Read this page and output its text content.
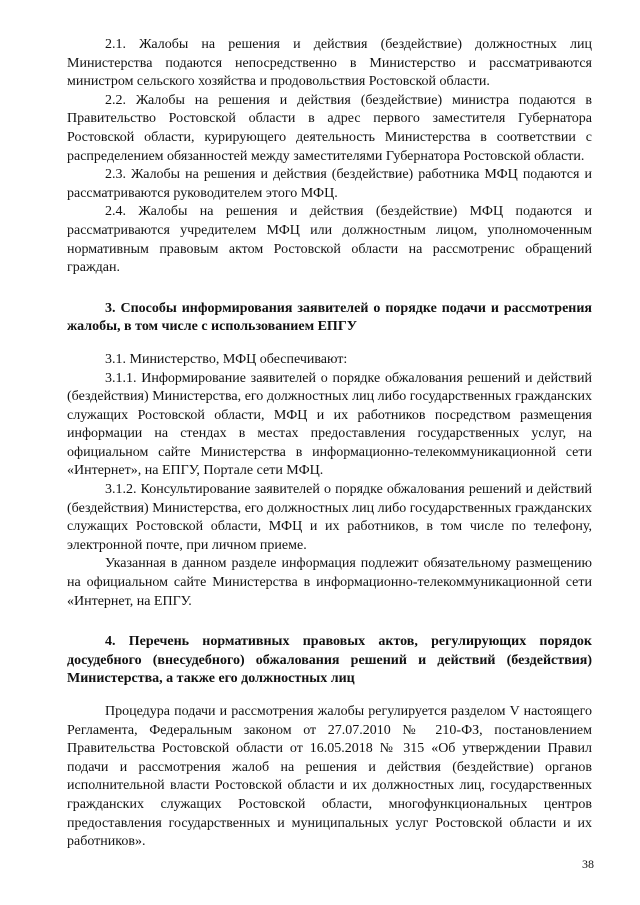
2.1. Жалобы на решения и действия (бездействие) должностных лиц Министерства подаются непосредственно в Министерство и рассматриваются министром сельского хозяйства и продовольствия Ростовской области.

2.2. Жалобы на решения и действия (бездействие) министра подаются в Правительство Ростовской области в адрес первого заместителя Губернатора Ростовской области, курирующего деятельность Министерства в соответствии с распределением обязанностей между заместителями Губернатора Ростовской области.

2.3. Жалобы на решения и действия (бездействие) работника МФЦ подаются и рассматриваются руководителем этого МФЦ.

2.4. Жалобы на решения и действия (бездействие) МФЦ подаются и рассматриваются учредителем МФЦ или должностным лицом, уполномоченным нормативным правовым актом Ростовской области на рассмотренис обращений граждан.

3. Способы информирования заявителей о порядке подачи и рассмотрения жалобы, в том числе с использованием ЕПГУ

3.1. Министерство, МФЦ обеспечивают:

3.1.1. Информирование заявителей о порядке обжалования решений и действий (бездействия) Министерства, его должностных лиц либо государственных гражданских служащих Ростовской области, МФЦ и их работников посредством размещения информации на стендах в местах предоставления государственных услуг, на официальном сайте Министерства в информационно-телекоммуникационной сети «Интернет», на ЕПГУ, Портале сети МФЦ.

3.1.2. Консультирование заявителей о порядке обжалования решений и действий (бездействия) Министерства, его должностных лиц либо государственных гражданских служащих Ростовской области, МФЦ и их работников, в том числе по телефону, электронной почте, при личном приеме.

Указанная в данном разделе информация подлежит обязательному размещению на официальном сайте Министерства в информационно-телекоммуникационной сети «Интернет, на ЕПГУ.

4. Перечень нормативных правовых актов, регулирующих порядок досудебного (внесудебного) обжалования решений и действий (бездействия) Министерства, а также его должностных лиц

Процедура подачи и рассмотрения жалобы регулируется разделом V настоящего Регламента, Федеральным законом от 27.07.2010 № 210-ФЗ, постановлением Правительства Ростовской области от 16.05.2018 № 315 «Об утверждении Правил подачи и рассмотрения жалоб на решения и действия (бездействие) органов исполнительной власти Ростовской области и их должностных лиц, государственных гражданских служащих Ростовской области, многофункциональных центров предоставления государственных и муниципальных услуг Ростовской области и их работников».

38
